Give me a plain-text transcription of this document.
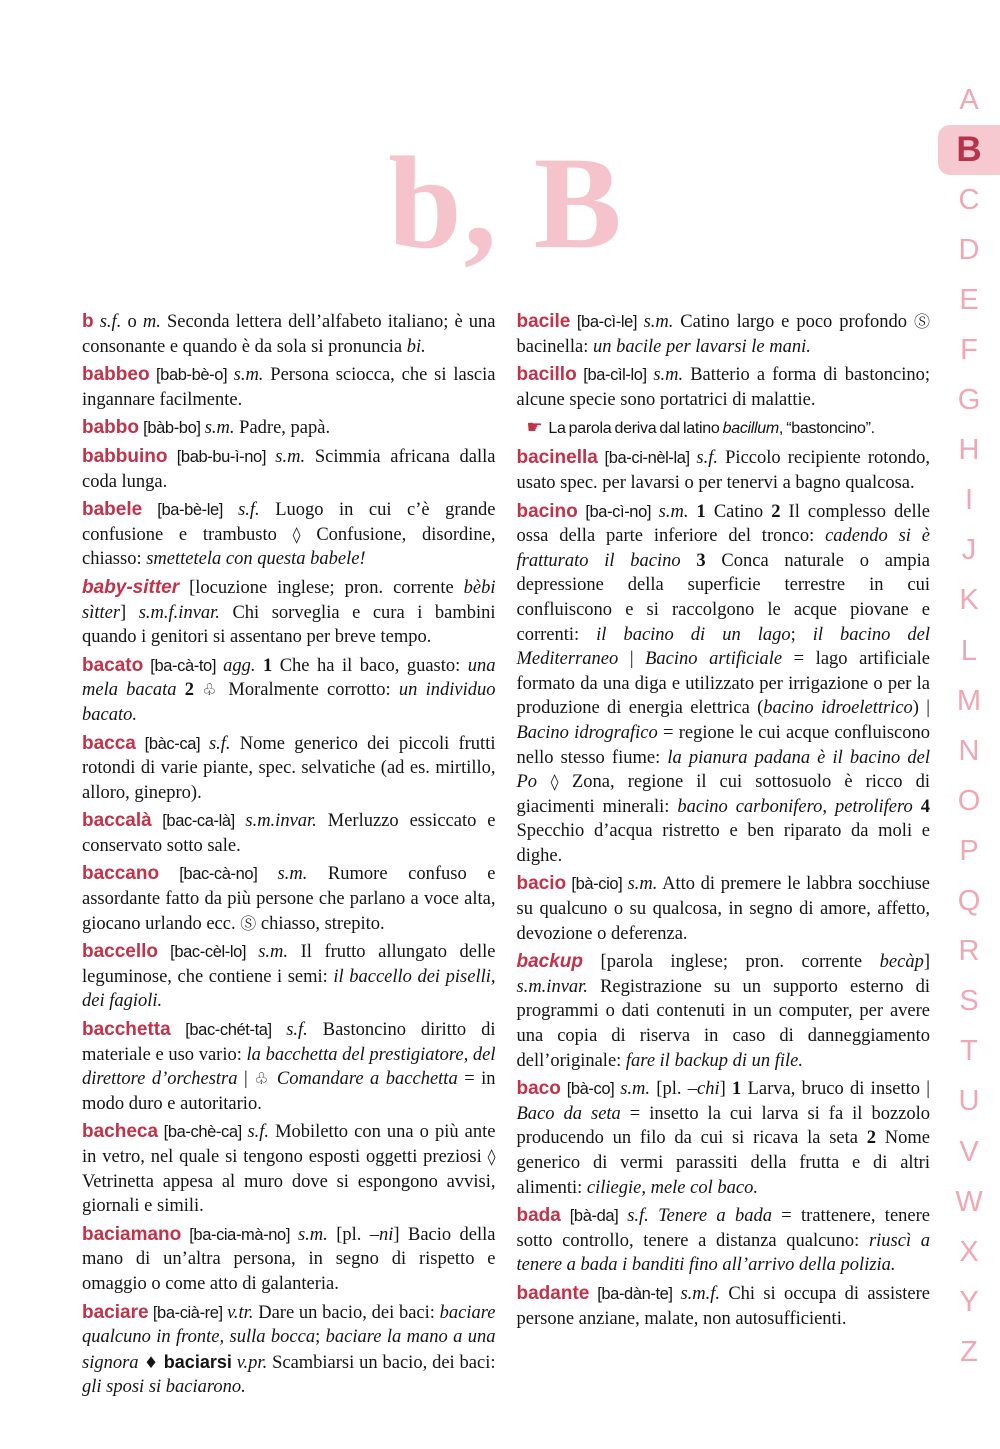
b, B

b s.f. o m. Seconda lettera dell’alfabeto italiano; è una consonante e quando è da sola si pronuncia bi.

babbeo [bab-bè-o] s.m. Persona sciocca, che si lascia ingannare facilmente.

babbo [bàb-bo] s.m. Padre, papà.

babbuino [bab-bu-ì-no] s.m. Scimmia africana dalla coda lunga.

babele [ba-bè-le] s.f. Luogo in cui c’è grande confusione e trambusto ◊ Confusione, disordine, chiasso: smettetela con questa babele!

baby-sitter [locuzione inglese; pron. corrente bèbi sìtter] s.m.f.invar. Chi sorveglia e cura i bambini quando i genitori si assentano per breve tempo.

bacato [ba-cà-to] agg. 1 Che ha il baco, guasto: una mela bacata 2 ♧ Moralmente corrotto: un individuo bacato.

bacca [bàc-ca] s.f. Nome generico dei piccoli frutti rotondi di varie piante, spec. selvatiche (ad es. mirtillo, alloro, ginepro).

baccalà [bac-ca-là] s.m.invar. Merluzzo essiccato e conservato sotto sale.

baccano [bac-cà-no] s.m. Rumore confuso e assordante fatto da più persone che parlano a voce alta, giocano urlando ecc. Ⓢ chiasso, strepito.

baccello [bac-cèl-lo] s.m. Il frutto allungato delle leguminose, che contiene i semi: il baccello dei piselli, dei fagioli.

bacchetta [bac-chét-ta] s.f. Bastoncino diritto di materiale e uso vario: la bacchetta del prestigiatore, del direttore d’orchestra | ♧ Comandare a bacchetta = in modo duro e autoritario.

bacheca [ba-chè-ca] s.f. Mobiletto con una o più ante in vetro, nel quale si tengono esposti oggetti preziosi ◊ Vetrinetta appesa al muro dove si espongono avvisi, giornali e simili.

baciamano [ba-cia-mà-no] s.m. [pl. –ni] Bacio della mano di un’altra persona, in segno di rispetto e omaggio o come atto di galanteria.

baciare [ba-cià-re] v.tr. Dare un bacio, dei baci: baciare qualcuno in fronte, sulla bocca; baciare la mano a una signora ♦ baciarsi v.pr. Scambiarsi un bacio, dei baci: gli sposi si baciarono.

bacile [ba-cì-le] s.m. Catino largo e poco profondo Ⓢ bacinella: un bacile per lavarsi le mani.

bacillo [ba-cìl-lo] s.m. Batterio a forma di bastoncino; alcune specie sono portatrici di malattie.

☛ La parola deriva dal latino bacillum, “bastoncino”.

bacinella [ba-ci-nèl-la] s.f. Piccolo recipiente rotondo, usato spec. per lavarsi o per tenervi a bagno qualcosa.

bacino [ba-cì-no] s.m. 1 Catino 2 Il complesso delle ossa della parte inferiore del tronco: cadendo si è fratturato il bacino 3 Conca naturale o ampia depressione della superficie terrestre in cui confluiscono e si raccolgono le acque piovane e correnti: il bacino di un lago; il bacino del Mediterraneo | Bacino artificiale = lago artificiale formato da una diga e utilizzato per irrigazione o per la produzione di energia elettrica (bacino idroelettrico) | Bacino idrografico = regione le cui acque confluiscono nello stesso fiume: la pianura padana è il bacino del Po ◊ Zona, regione il cui sottosuolo è ricco di giacimenti minerali: bacino carbonifero, petrolifero 4 Specchio d’acqua ristretto e ben riparato da moli e dighe.

bacio [bà-cio] s.m. Atto di premere le labbra socchiuse su qualcuno o su qualcosa, in segno di amore, affetto, devozione o deferenza.

backup [parola inglese; pron. corrente becàp] s.m.invar. Registrazione su un supporto esterno di programmi o dati contenuti in un computer, per avere una copia di riserva in caso di danneggiamento dell’originale: fare il backup di un file.

baco [bà-co] s.m. [pl. –chi] 1 Larva, bruco di insetto | Baco da seta = insetto la cui larva si fa il bozzolo producendo un filo da cui si ricava la seta 2 Nome generico di vermi parassiti della frutta e di altri alimenti: ciliegie, mele col baco.

bada [bà-da] s.f. Tenere a bada = trattenere, tenere sotto controllo, tenere a distanza qualcuno: riuscì a tenere a bada i banditi fino all’arrivo della polizia.

badante [ba-dàn-te] s.m.f. Chi si occupa di assistere persone anziane, malate, non autosufficienti.

A
B
C
D
E
F
G
H
I
J
K
L
M
N
O
P
Q
R
S
T
U
V
W
X
Y
Z
